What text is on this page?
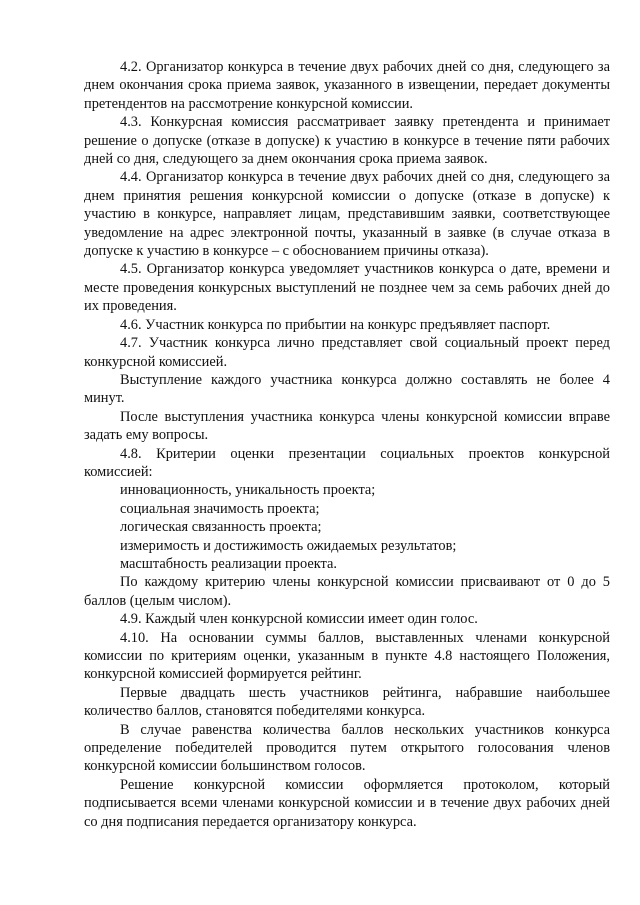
4.2. Организатор конкурса в течение двух рабочих дней со дня, следующего за днем окончания срока приема заявок, указанного в извещении, передает документы претендентов на рассмотрение конкурсной комиссии.

4.3. Конкурсная комиссия рассматривает заявку претендента и принимает решение о допуске (отказе в допуске) к участию в конкурсе в течение пяти рабочих дней со дня, следующего за днем окончания срока приема заявок.

4.4. Организатор конкурса в течение двух рабочих дней со дня, следующего за днем принятия решения конкурсной комиссии о допуске (отказе в допуске) к участию в конкурсе, направляет лицам, представившим заявки, соответствующее уведомление на адрес электронной почты, указанный в заявке (в случае отказа в допуске к участию в конкурсе – с обоснованием причины отказа).

4.5. Организатор конкурса уведомляет участников конкурса о дате, времени и месте проведения конкурсных выступлений не позднее чем за семь рабочих дней до их проведения.

4.6. Участник конкурса по прибытии на конкурс предъявляет паспорт.

4.7. Участник конкурса лично представляет свой социальный проект перед конкурсной комиссией.

Выступление каждого участника конкурса должно составлять не более 4 минут.

После выступления участника конкурса члены конкурсной комиссии вправе задать ему вопросы.

4.8. Критерии оценки презентации социальных проектов конкурсной комиссией:

инновационность, уникальность проекта;

социальная значимость проекта;

логическая связанность проекта;

измеримость и достижимость ожидаемых результатов;

масштабность реализации проекта.

По каждому критерию члены конкурсной комиссии присваивают от 0 до 5 баллов (целым числом).

4.9. Каждый член конкурсной комиссии имеет один голос.

4.10. На основании суммы баллов, выставленных членами конкурсной комиссии по критериям оценки, указанным в пункте 4.8 настоящего Положения, конкурсной комиссией формируется рейтинг.

Первые двадцать шесть участников рейтинга, набравшие наибольшее количество баллов, становятся победителями конкурса.

В случае равенства количества баллов нескольких участников конкурса определение победителей проводится путем открытого голосования членов конкурсной комиссии большинством голосов.

Решение конкурсной комиссии оформляется протоколом, который подписывается всеми членами конкурсной комиссии и в течение двух рабочих дней со дня подписания передается организатору конкурса.
